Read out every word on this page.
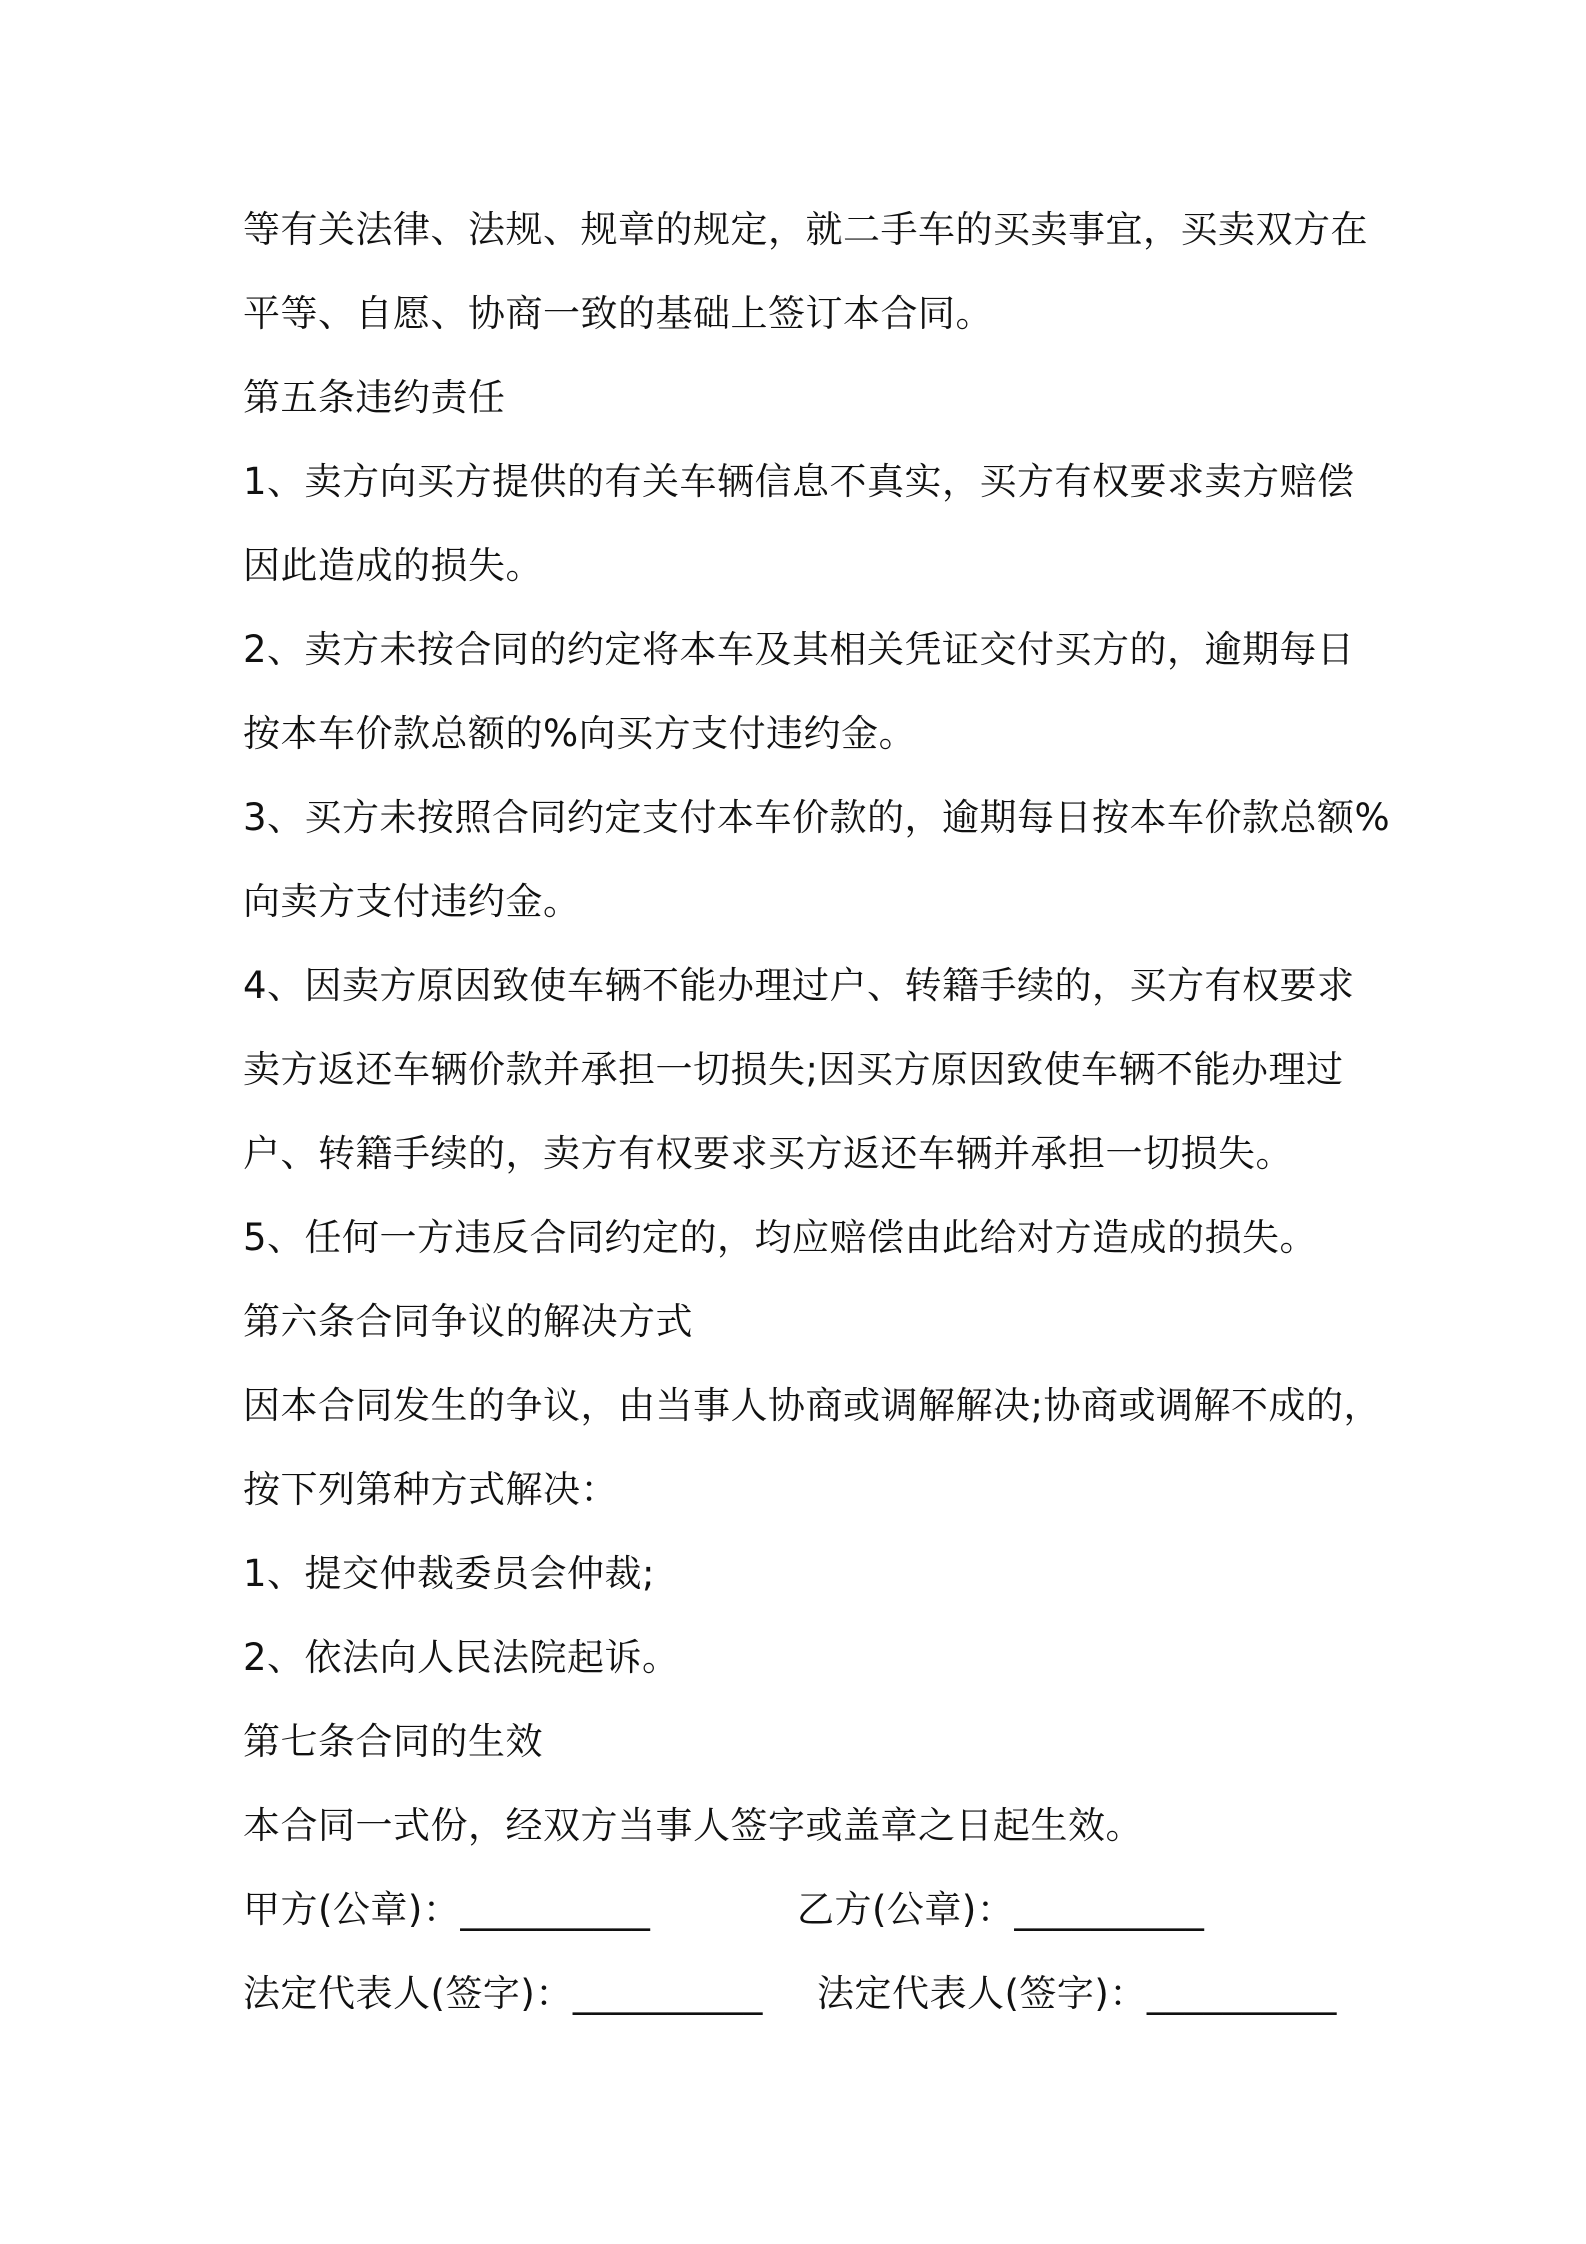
等有关法律、法规、规章的规定，就二手车的买卖事宜，买卖双方在
平等、自愿、协商一致的基础上签订本合同。
第五条违约责任
1、卖方向买方提供的有关车辆信息不真实，买方有权要求卖方赔偿
因此造成的损失。
2、卖方未按合同的约定将本车及其相关凭证交付买方的，逾期每日
按本车价款总额的%向买方支付违约金。
3、买方未按照合同约定支付本车价款的，逾期每日按本车价款总额%
向卖方支付违约金。
4、因卖方原因致使车辆不能办理过户、转籍手续的，买方有权要求
卖方返还车辆价款并承担一切损失;因买方原因致使车辆不能办理过
户、转籍手续的，卖方有权要求买方返还车辆并承担一切损失。
5、任何一方违反合同约定的，均应赔偿由此给对方造成的损失。
第六条合同争议的解决方式
因本合同发生的争议，由当事人协商或调解解决;协商或调解不成的，
按下列第种方式解决：
1、提交仲裁委员会仲裁;
2、依法向人民法院起诉。
第七条合同的生效
本合同一式份，经双方当事人签字或盖章之日起生效。
甲方(公章)：__________	乙方(公章)：__________
法定代表人(签字)：__________ 法定代表人(签字)：__________
